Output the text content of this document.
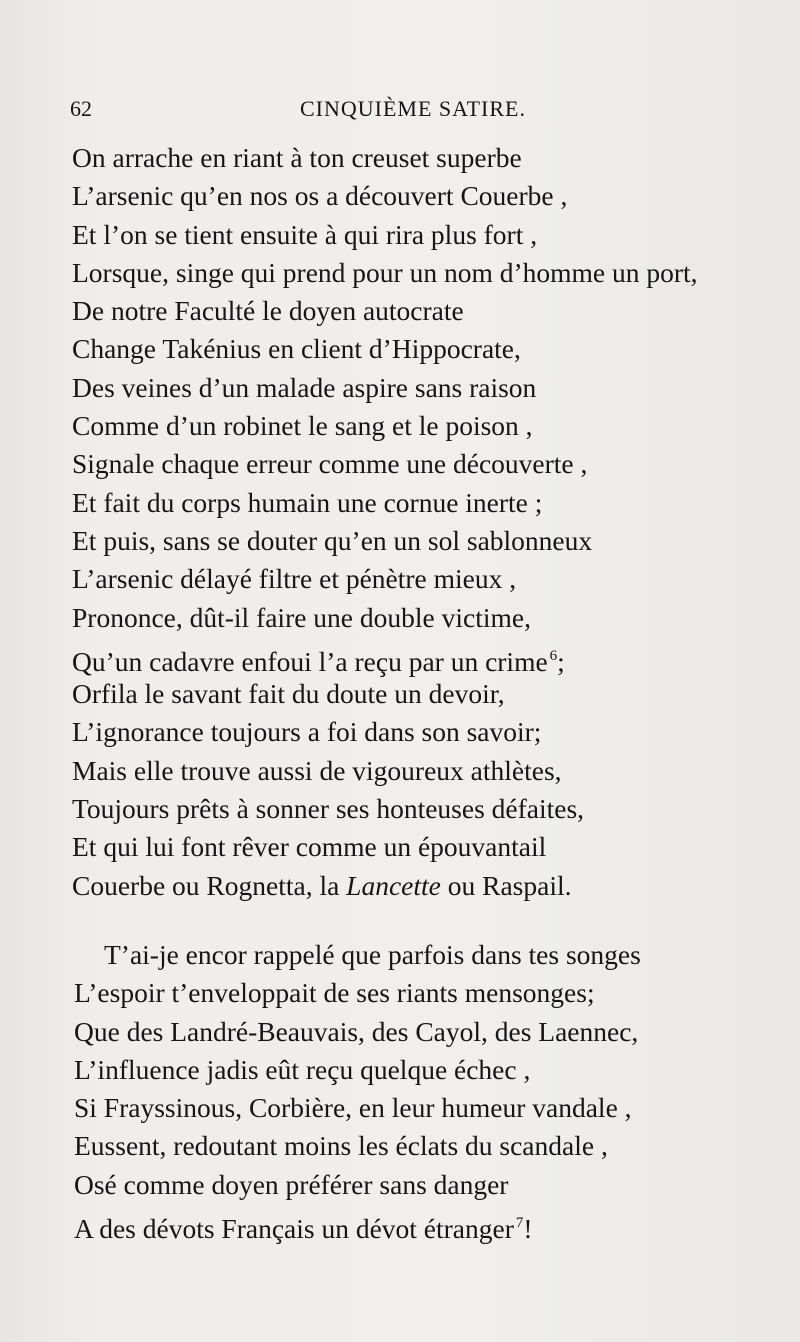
62	CINQUIÈME SATIRE.
On arrache en riant à ton creuset superbe
L’arsenic qu’en nos os a découvert Couerbe ,
Et l’on se tient ensuite à qui rira plus fort ,
Lorsque, singe qui prend pour un nom d’homme un port,
De notre Faculté le doyen autocrate
Change Takénius en client d’Hippocrate,
Des veines d’un malade aspire sans raison
Comme d’un robinet le sang et le poison ,
Signale chaque erreur comme une découverte ,
Et fait du corps humain une cornue inerte ;
Et puis, sans se douter qu’en un sol sablonneux
L’arsenic délayé filtre et pénètre mieux ,
Prononce, dût-il faire une double victime,
Qu’un cadavre enfoui l’a reçu par un crime $^6$;
Orfila le savant fait du doute un devoir,
L’ignorance toujours a foi dans son savoir;
Mais elle trouve aussi de vigoureux athlètes,
Toujours prêts à sonner ses honteuses défaites,
Et qui lui font rêver comme un épouvantail
Couerbe ou Rognetta, la Lancette ou Raspail.
T’ai-je encor rappelé que parfois dans tes songes
L’espoir t’enveloppait de ses riants mensonges;
Que des Landré-Beauvais, des Cayol, des Laennec,
L’influence jadis eût reçu quelque échec ,
Si Frayssinous, Corbière, en leur humeur vandale ,
Eussent, redoutant moins les éclats du scandale ,
Osé comme doyen préférer sans danger
A des dévots Français un dévot étranger $^7$!
